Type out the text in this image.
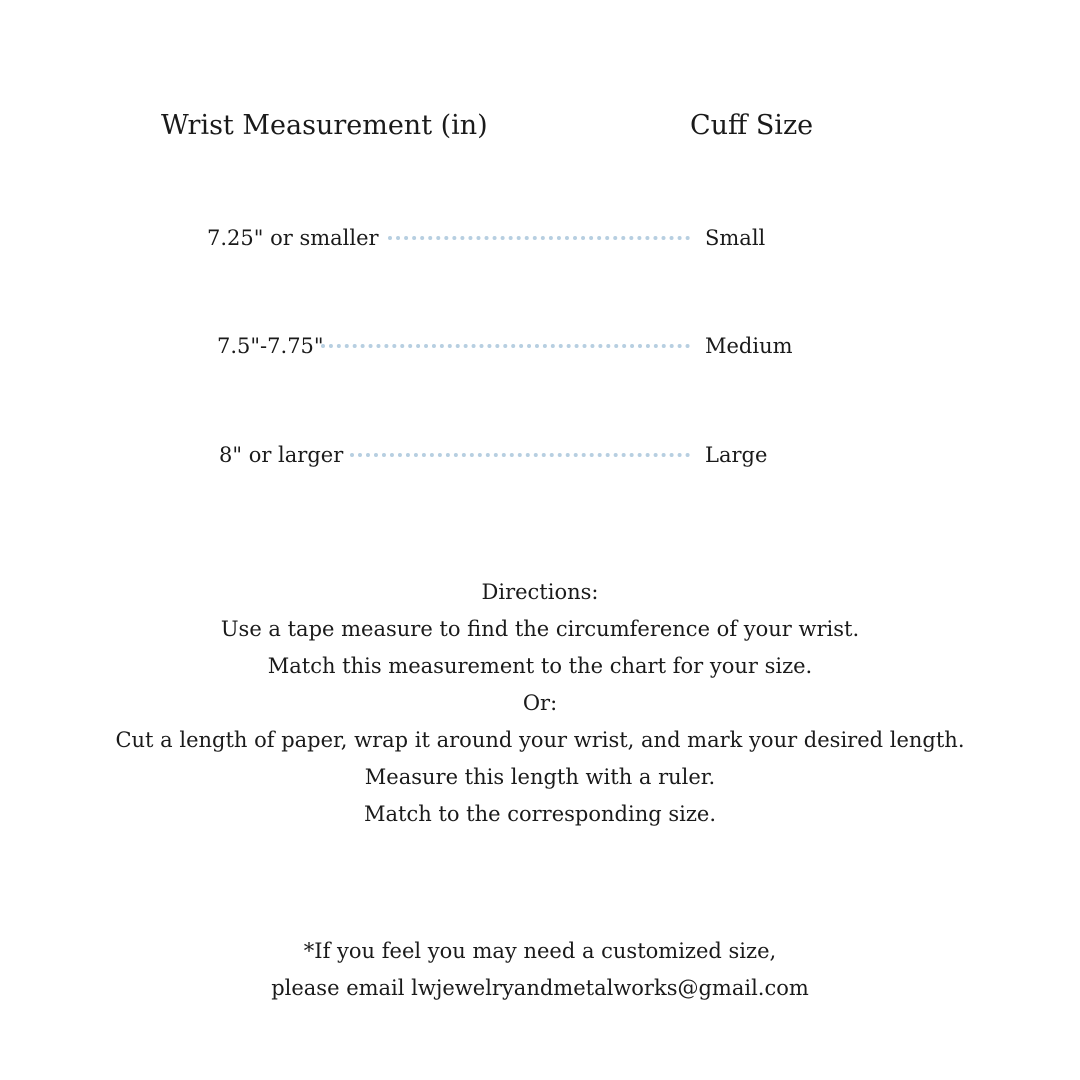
Wrist Measurement (in)	Cuff Size
7.25" or smaller	Small
7.5"-7.75"	Medium
8" or larger	Large
Directions:
Use a tape measure to find the circumference of your wrist.
Match this measurement to the chart for your size.
Or:
Cut a length of paper, wrap it around your wrist, and mark your desired length.
Measure this length with a ruler.
Match to the corresponding size.
*If you feel you may need a customized size,
please email lwjewelryandmetalworks@gmail.com
